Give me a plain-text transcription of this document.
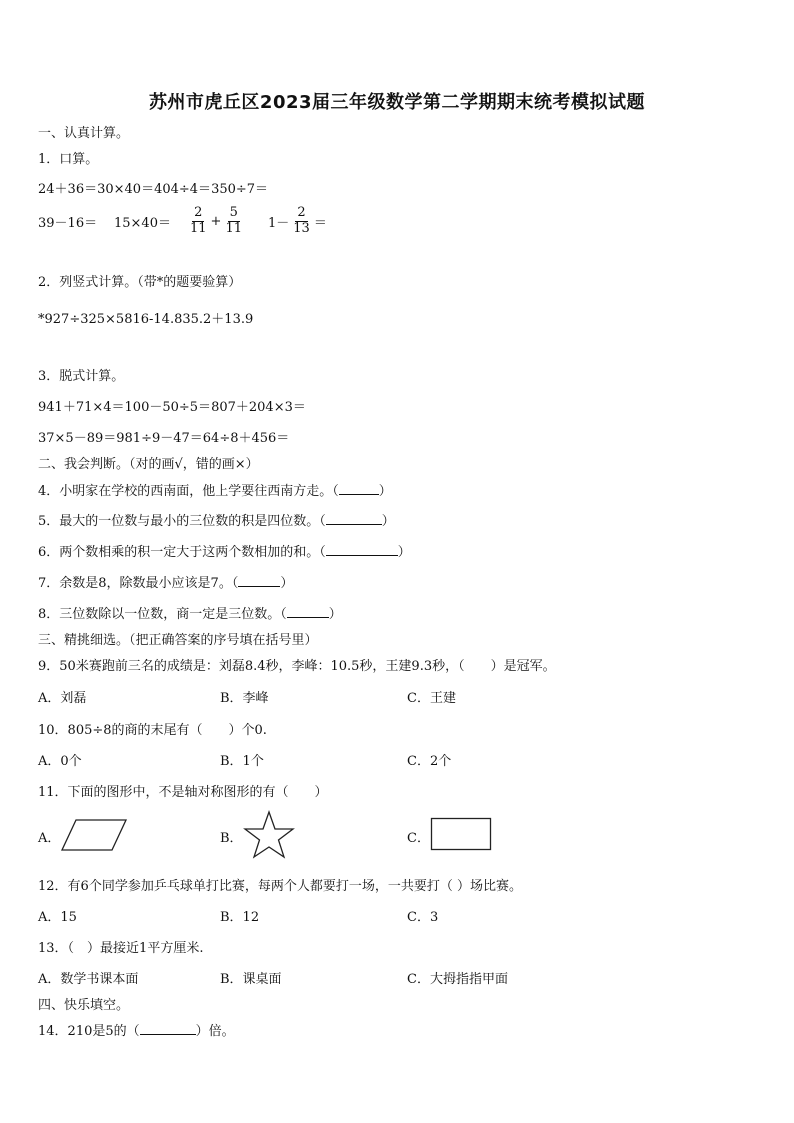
苏州市虎丘区2023届三年级数学第二学期期末统考模拟试题
一、认真计算。
1．口算。
24＋36＝30×40＝404÷4＝350÷7＝
39－16＝	15×40＝	$\frac{2}{11} + \frac{5}{11} 1- \frac{2}{13}$ ＝
2．列竖式计算。（带*的题要验算）
*927÷325×5816-14.835.2＋13.9
3．脱式计算。
941＋71×4＝100－50÷5＝807＋204×3＝
37×5－89＝981÷9－47＝64÷8＋456＝
二、我会判断。（对的画√，错的画×）
4．小明家在学校的西南面，他上学要往西南方走。（	）
5．最大的一位数与最小的三位数的积是四位数。（	）
6．两个数相乘的积一定大于这两个数相加的和。（	）
7．余数是8，除数最小应该是7。（	）
8．三位数除以一位数，商一定是三位数。（	）
三、精挑细选。（把正确答案的序号填在括号里）
9．50米赛跑前三名的成绩是：刘磊8.4秒，李峰：10.5秒，王建9.3秒，（　　）是冠军。
A．刘磊	B．李峰	C．王建
10．805÷8的商的末尾有（　　）个0.
A．0个	B．1个	C．2个
11．下面的图形中，不是轴对称图形的有（　　）
A．	B．	C．
12．有6个同学参加乒乓球单打比赛，每两个人都要打一场，一共要打（ ）场比赛。
A．15	B．12	C．3
13．（　）最接近1平方厘米.
A．数学书课本面	B．课桌面	C．大拇指指甲面
四、快乐填空。
14．210是5的（	）倍。
